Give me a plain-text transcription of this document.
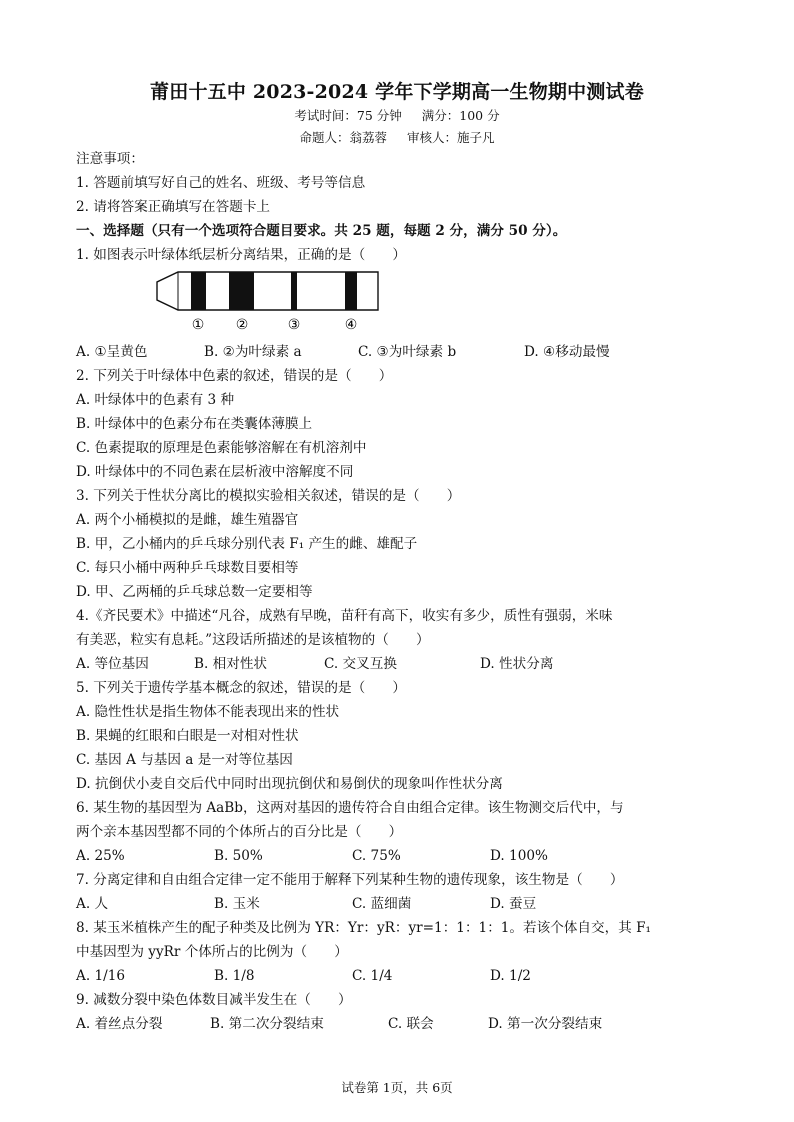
莆田十五中 2023-2024 学年下学期高一生物期中测试卷
考试时间：75 分钟 满分：100 分
命题人：翁荔蓉 审核人：施子凡
注意事项：
1. 答题前填写好自己的姓名、班级、考号等信息
2. 请将答案正确填写在答题卡上
一、选择题（只有一个选项符合题目要求。共 25 题，每题 2 分，满分 50 分）。
1. 如图表示叶绿体纸层析分离结果，正确的是（　　）
① ②	③	④
A. ①呈黄色	B. ②为叶绿素 a	C. ③为叶绿素 b	D. ④移动最慢
2. 下列关于叶绿体中色素的叙述，错误的是（　　）
A. 叶绿体中的色素有 3 种
B. 叶绿体中的色素分布在类囊体薄膜上
C. 色素提取的原理是色素能够溶解在有机溶剂中
D. 叶绿体中的不同色素在层析液中溶解度不同
3. 下列关于性状分离比的模拟实验相关叙述，错误的是（　　）
A. 两个小桶模拟的是雌，雄生殖器官
B. 甲，乙小桶内的乒乓球分别代表 F₁ 产生的雌、雄配子
C. 每只小桶中两种乒乓球数目要相等
D. 甲、乙两桶的乒乓球总数一定要相等
4.《齐民要术》中描述“凡谷，成熟有早晚，苗秆有高下，收实有多少，质性有强弱，米味
有美恶，粒实有息耗。”这段话所描述的是该植物的（　　）
A. 等位基因	B. 相对性状	C. 交叉互换	D. 性状分离
5. 下列关于遗传学基本概念的叙述，错误的是（　　）
A. 隐性性状是指生物体不能表现出来的性状
B. 果蝇的红眼和白眼是一对相对性状
C. 基因 A 与基因 a 是一对等位基因
D. 抗倒伏小麦自交后代中同时出现抗倒伏和易倒伏的现象叫作性状分离
6. 某生物的基因型为 AaBb，这两对基因的遗传符合自由组合定律。该生物测交后代中，与
两个亲本基因型都不同的个体所占的百分比是（　　）
A. 25%	B. 50%	C. 75%	D. 100%
7. 分离定律和自由组合定律一定不能用于解释下列某种生物的遗传现象，该生物是（　　）
A. 人	B. 玉米	C. 蓝细菌	D. 蚕豆
8. 某玉米植株产生的配子种类及比例为 YR：Yr：yR：yr=1：1：1：1。若该个体自交，其 F₁
中基因型为 yyRr 个体所占的比例为（　　）
A. 1/16	B. 1/8	C. 1/4	D. 1/2
9. 减数分裂中染色体数目减半发生在（　　）
A. 着丝点分裂	B. 第二次分裂结束	C. 联会	D. 第一次分裂结束
试卷第 1页，共 6页
